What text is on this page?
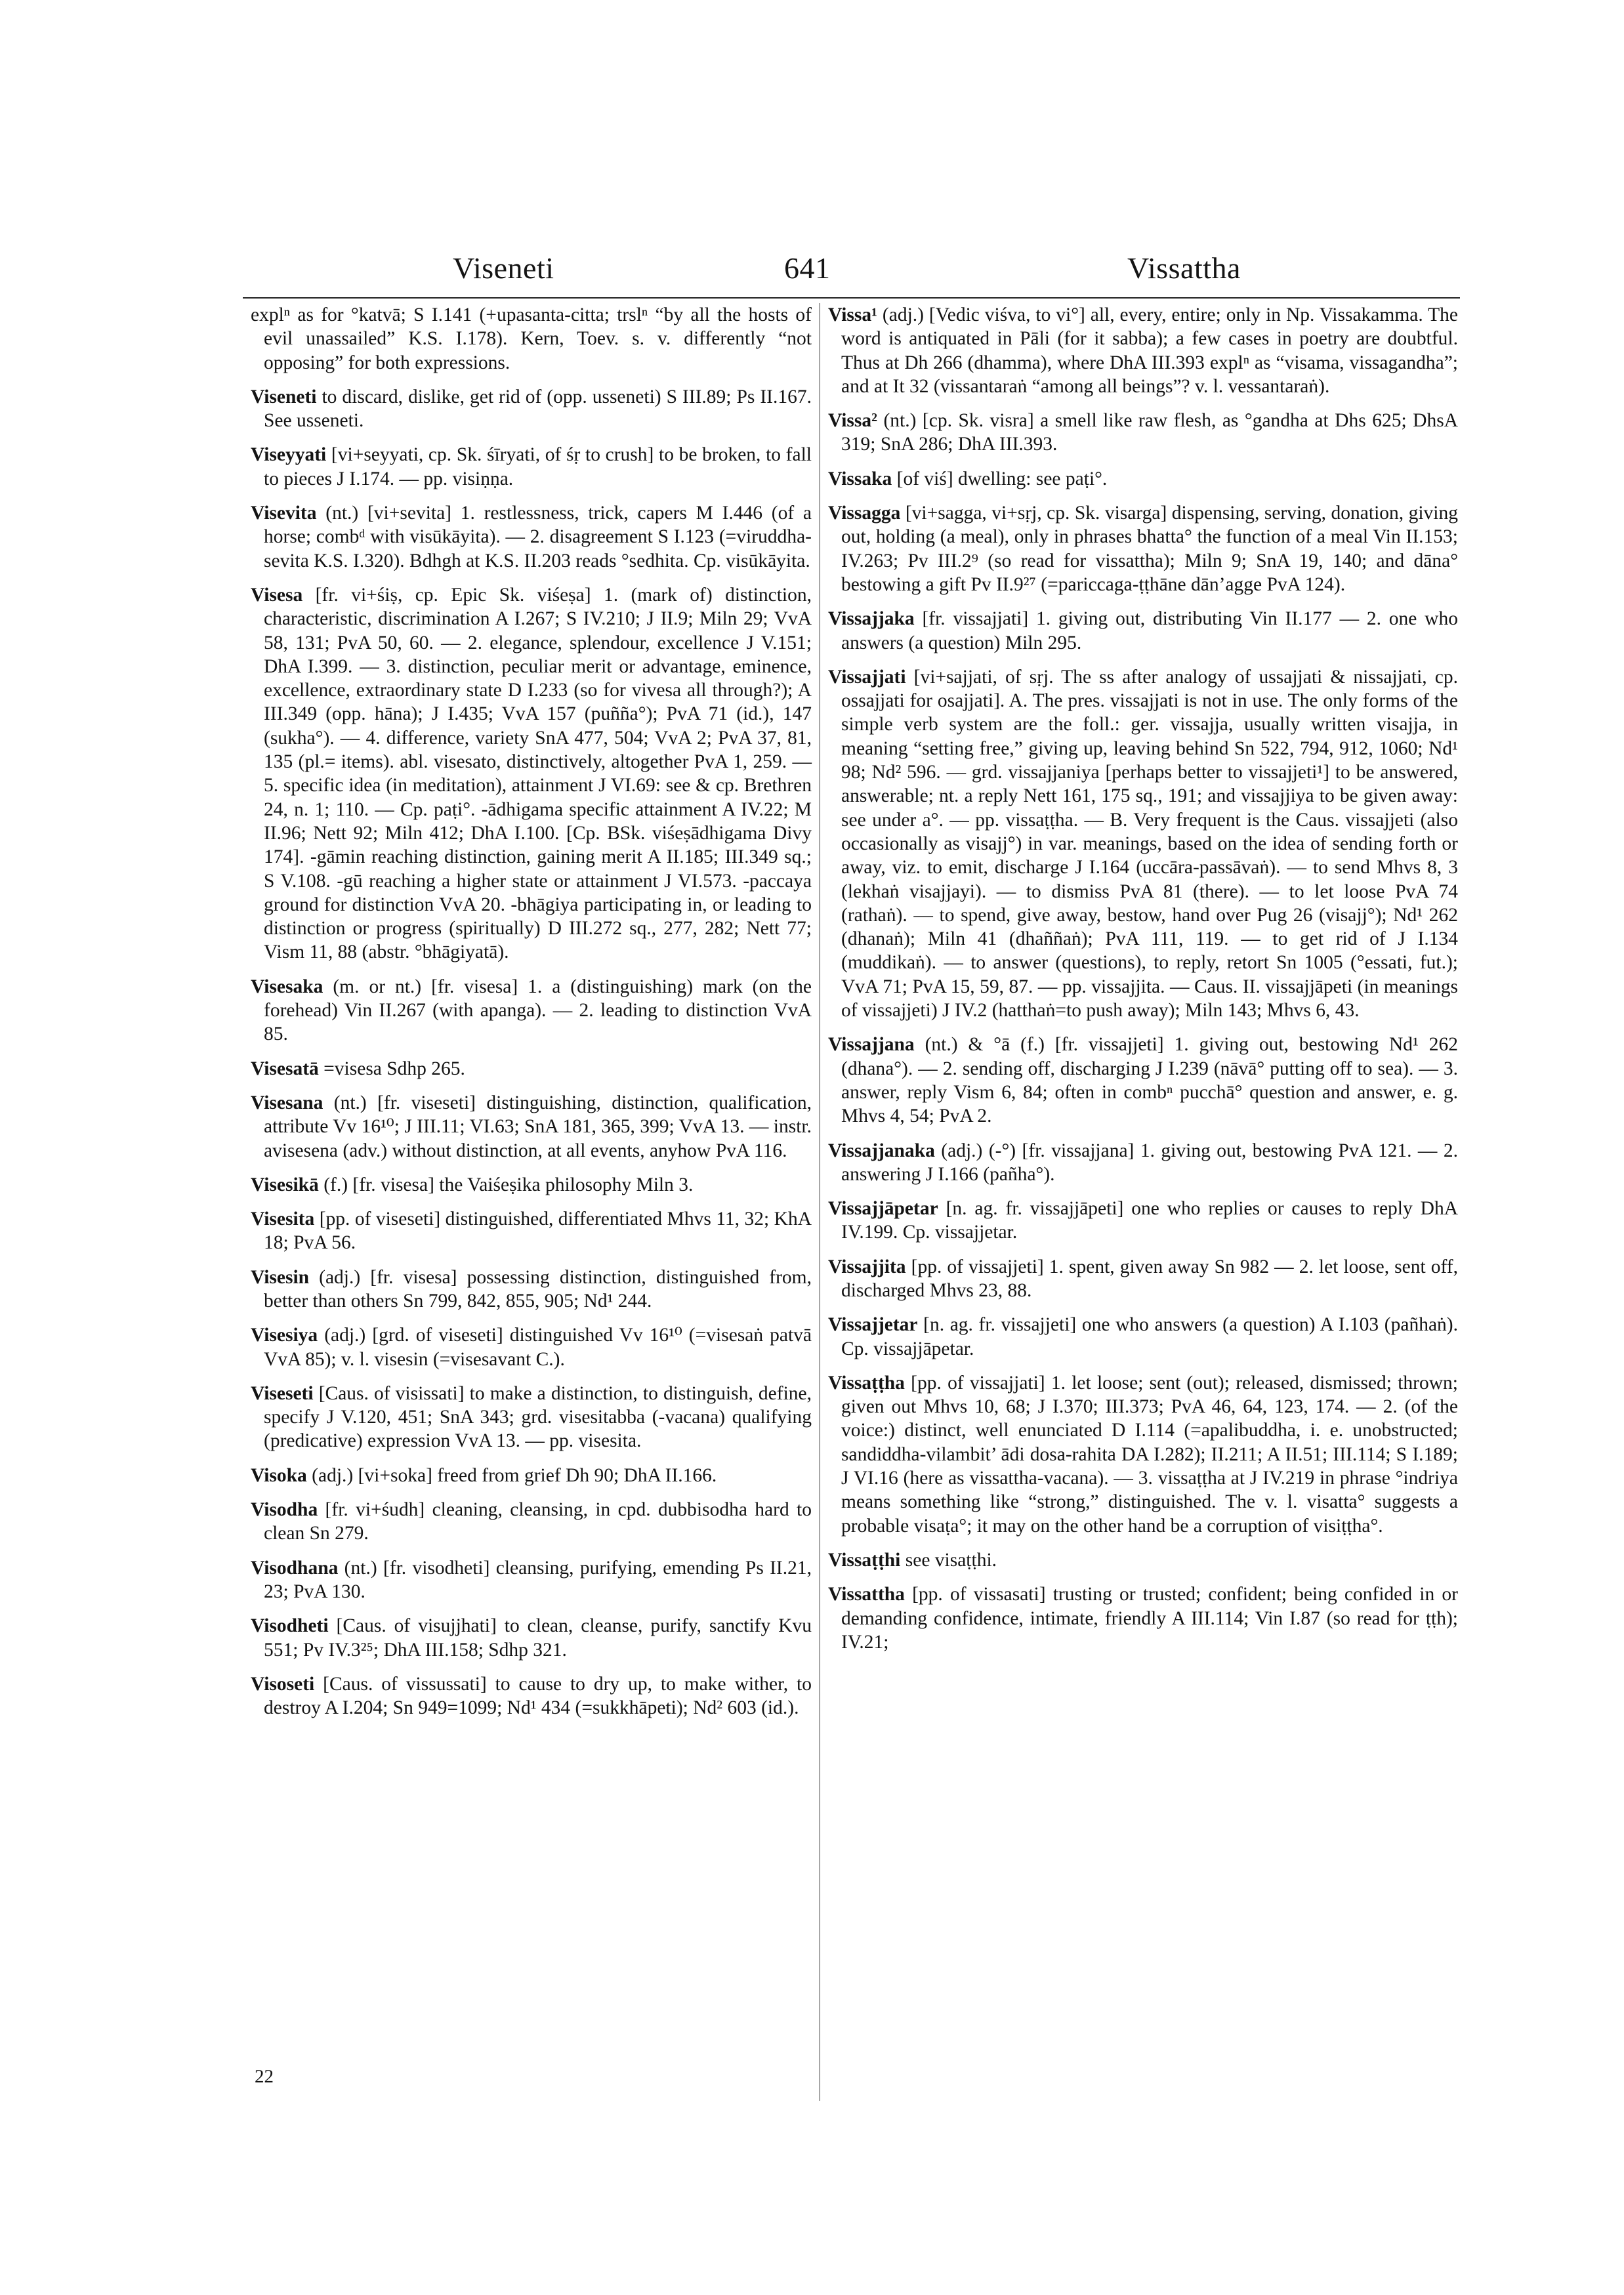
Viseneti	641	Vissattha

explⁿ as for °katvā; S I.141 (+upasanta-citta; trslⁿ “by all the hosts of evil unassailed” K.S. I.178). Kern, Toev. s. v. differently “not opposing” for both expressions.

Viseneti to discard, dislike, get rid of (opp. usseneti) S III.89; Ps II.167. See usseneti.

Viseyyati [vi+seyyati, cp. Sk. śīryati, of śṛ to crush] to be broken, to fall to pieces J I.174. — pp. visiṇṇa.

Visevita (nt.) [vi+sevita] 1. restlessness, trick, capers M I.446 (of a horse; combᵈ with visūkāyita). — 2. disagreement S I.123 (=viruddha-sevita K.S. I.320). Bdhgh at K.S. II.203 reads °sedhita. Cp. visūkāyita.

Visesa [fr. vi+śiṣ, cp. Epic Sk. viśeṣa] 1. (mark of) distinction, characteristic, discrimination A I.267; S IV.210; J II.9; Miln 29; VvA 58, 131; PvA 50, 60. — 2. elegance, splendour, excellence J V.151; DhA I.399. — 3. distinction, peculiar merit or advantage, eminence, excellence, extraordinary state D I.233 (so for vivesa all through?); A III.349 (opp. hāna); J I.435; VvA 157 (puñña°); PvA 71 (id.), 147 (sukha°). — 4. difference, variety SnA 477, 504; VvA 2; PvA 37, 81, 135 (pl.= items). abl. visesato, distinctively, altogether PvA 1, 259. — 5. specific idea (in meditation), attainment J VI.69: see & cp. Brethren 24, n. 1; 110. — Cp. paṭi°. -ādhigama specific attainment A IV.22; M II.96; Nett 92; Miln 412; DhA I.100. [Cp. BSk. viśeṣādhigama Divy 174]. -gāmin reaching distinction, gaining merit A II.185; III.349 sq.; S V.108. -gū reaching a higher state or attainment J VI.573. -paccaya ground for distinction VvA 20. -bhāgiya participating in, or leading to distinction or progress (spiritually) D III.272 sq., 277, 282; Nett 77; Vism 11, 88 (abstr. °bhāgiyatā).

Visesaka (m. or nt.) [fr. visesa] 1. a (distinguishing) mark (on the forehead) Vin II.267 (with apanga). — 2. leading to distinction VvA 85.

Visesatā =visesa Sdhp 265.

Visesana (nt.) [fr. viseseti] distinguishing, distinction, qualification, attribute Vv 16¹⁰; J III.11; VI.63; SnA 181, 365, 399; VvA 13. — instr. avisesena (adv.) without distinction, at all events, anyhow PvA 116.

Visesikā (f.) [fr. visesa] the Vaiśeṣika philosophy Miln 3.

Visesita [pp. of viseseti] distinguished, differentiated Mhvs 11, 32; KhA 18; PvA 56.

Visesin (adj.) [fr. visesa] possessing distinction, distinguished from, better than others Sn 799, 842, 855, 905; Nd¹ 244.

Visesiya (adj.) [grd. of viseseti] distinguished Vv 16¹⁰ (=visesaṅ patvā VvA 85); v. l. visesin (=visesavant C.).

Viseseti [Caus. of visissati] to make a distinction, to distinguish, define, specify J V.120, 451; SnA 343; grd. visesitabba (-vacana) qualifying (predicative) expression VvA 13. — pp. visesita.

Visoka (adj.) [vi+soka] freed from grief Dh 90; DhA II.166.

Visodha [fr. vi+śudh] cleaning, cleansing, in cpd. dubbisodha hard to clean Sn 279.

Visodhana (nt.) [fr. visodheti] cleansing, purifying, emending Ps II.21, 23; PvA 130.

Visodheti [Caus. of visujjhati] to clean, cleanse, purify, sanctify Kvu 551; Pv IV.3²⁵; DhA III.158; Sdhp 321.

Visoseti [Caus. of vissussati] to cause to dry up, to make wither, to destroy A I.204; Sn 949=1099; Nd¹ 434 (=sukkhāpeti); Nd² 603 (id.).

Vissa¹ (adj.) [Vedic viśva, to vi°] all, every, entire; only in Np. Vissakamma. The word is antiquated in Pāli (for it sabba); a few cases in poetry are doubtful. Thus at Dh 266 (dhamma), where DhA III.393 explⁿ as “visama, vissagandha”; and at It 32 (vissantaraṅ “among all beings”? v. l. vessantaraṅ).

Vissa² (nt.) [cp. Sk. visra] a smell like raw flesh, as °gandha at Dhs 625; DhsA 319; SnA 286; DhA III.393.

Vissaka [of viś] dwelling: see paṭi°.

Vissagga [vi+sagga, vi+sṛj, cp. Sk. visarga] dispensing, serving, donation, giving out, holding (a meal), only in phrases bhatta° the function of a meal Vin II.153; IV.263; Pv III.2⁹ (so read for vissattha); Miln 9; SnA 19, 140; and dāna° bestowing a gift Pv II.9²⁷ (=pariccaga-ṭṭhāne dān’agge PvA 124).

Vissajjaka [fr. vissajjati] 1. giving out, distributing Vin II.177 — 2. one who answers (a question) Miln 295.

Vissajjati [vi+sajjati, of sṛj. The ss after analogy of ussajjati & nissajjati, cp. ossajjati for osajjati]. A. The pres. vissajjati is not in use. The only forms of the simple verb system are the foll.: ger. vissajja, usually written visajja, in meaning “setting free,” giving up, leaving behind Sn 522, 794, 912, 1060; Nd¹ 98; Nd² 596. — grd. vissajjaniya [perhaps better to vissajjeti¹] to be answered, answerable; nt. a reply Nett 161, 175 sq., 191; and vissajjiya to be given away: see under a°. — pp. vissaṭṭha. — B. Very frequent is the Caus. vissajjeti (also occasionally as visajj°) in var. meanings, based on the idea of sending forth or away, viz. to emit, discharge J I.164 (uccāra-passāvaṅ). — to send Mhvs 8, 3 (lekhaṅ visajjayi). — to dismiss PvA 81 (there). — to let loose PvA 74 (rathaṅ). — to spend, give away, bestow, hand over Pug 26 (visajj°); Nd¹ 262 (dhanaṅ); Miln 41 (dhaññaṅ); PvA 111, 119. — to get rid of J I.134 (muddikaṅ). — to answer (questions), to reply, retort Sn 1005 (°essati, fut.); VvA 71; PvA 15, 59, 87. — pp. vissajjita. — Caus. II. vissajjāpeti (in meanings of vissajjeti) J IV.2 (hatthaṅ=to push away); Miln 143; Mhvs 6, 43.

Vissajjana (nt.) & °ā (f.) [fr. vissajjeti] 1. giving out, bestowing Nd¹ 262 (dhana°). — 2. sending off, discharging J I.239 (nāvā° putting off to sea). — 3. answer, reply Vism 6, 84; often in combⁿ pucchā° question and answer, e. g. Mhvs 4, 54; PvA 2.

Vissajjanaka (adj.) (-°) [fr. vissajjana] 1. giving out, bestowing PvA 121. — 2. answering J I.166 (pañha°).

Vissajjāpetar [n. ag. fr. vissajjāpeti] one who replies or causes to reply DhA IV.199. Cp. vissajjetar.

Vissajjita [pp. of vissajjeti] 1. spent, given away Sn 982 — 2. let loose, sent off, discharged Mhvs 23, 88.

Vissajjetar [n. ag. fr. vissajjeti] one who answers (a question) A I.103 (pañhaṅ). Cp. vissajjāpetar.

Vissaṭṭha [pp. of vissajjati] 1. let loose; sent (out); released, dismissed; thrown; given out Mhvs 10, 68; J I.370; III.373; PvA 46, 64, 123, 174. — 2. (of the voice:) distinct, well enunciated D I.114 (=apalibuddha, i. e. unobstructed; sandiddha-vilambit’ ādi dosa-rahita DA I.282); II.211; A II.51; III.114; S I.189; J VI.16 (here as vissattha-vacana). — 3. vissaṭṭha at J IV.219 in phrase °indriya means something like “strong,” distinguished. The v. l. visatta° suggests a probable visaṭa°; it may on the other hand be a corruption of visiṭṭha°.

Vissaṭṭhi see visaṭṭhi.

Vissattha [pp. of vissasati] trusting or trusted; confident; being confided in or demanding confidence, intimate, friendly A III.114; Vin I.87 (so read for ṭṭh); IV.21;

22
